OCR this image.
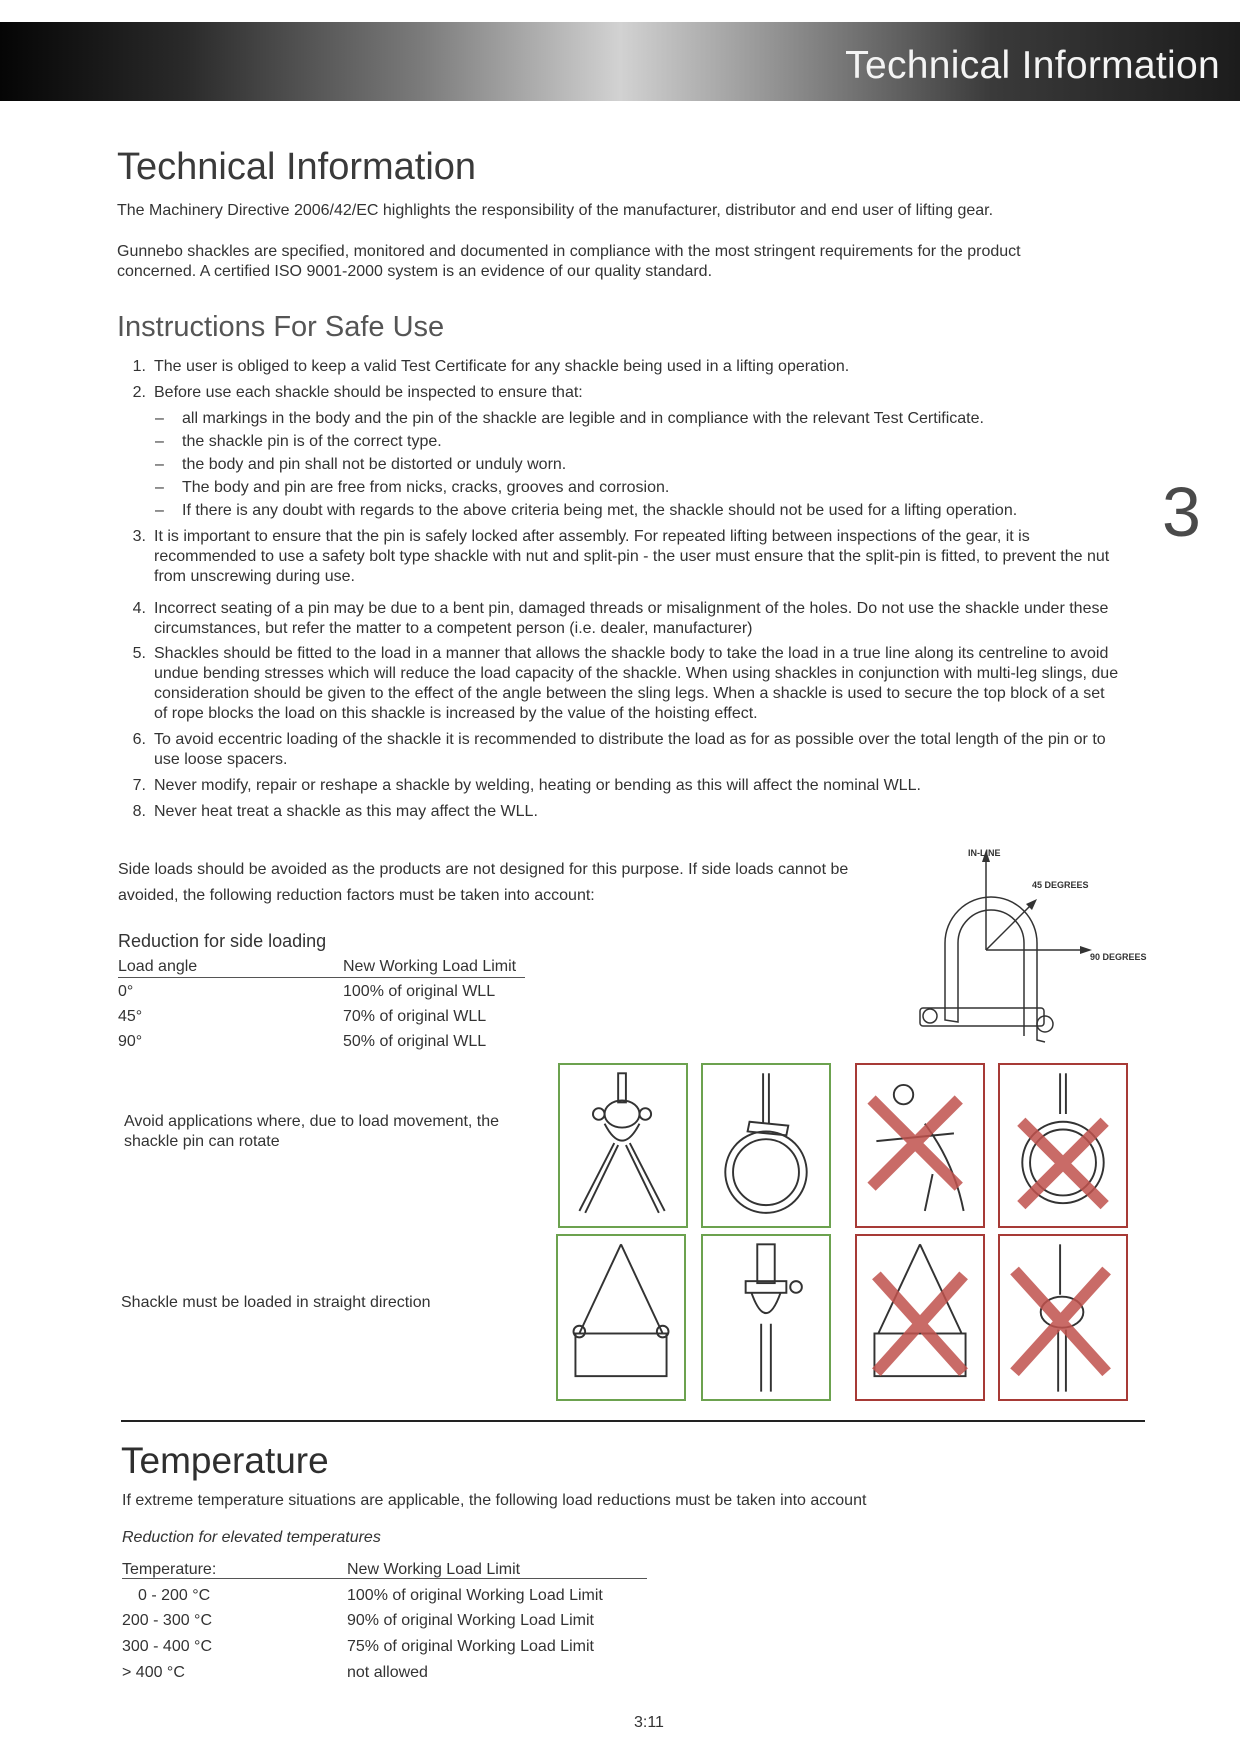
Technical Information
3
Technical Information
The Machinery Directive 2006/42/EC highlights the responsibility of the manufacturer, distributor and end user of lifting gear.
Gunnebo shackles are specified, monitored and documented in compliance with the most stringent requirements for the product concerned. A certified ISO 9001-2000 system is an evidence of our quality standard.
Instructions For Safe Use
1. The user is obliged to keep a valid Test Certificate for any shackle being used in a lifting operation.
2. Before use each shackle should be inspected to ensure that:
– all markings in the body and the pin of the shackle are legible and in compliance with the relevant Test Certificate.
– the shackle pin is of the correct type.
– the body and pin shall not be distorted or unduly worn.
– The body and pin are free from nicks, cracks, grooves and corrosion.
– If there is any doubt with regards to the above criteria being met, the shackle should not be used for a lifting operation.
3. It is important to ensure that the pin is safely locked after assembly. For repeated lifting between inspections of the gear, it is recommended to use a safety bolt type shackle with nut and split-pin - the user must ensure that the split-pin is fitted, to prevent the nut from unscrewing during use.
4. Incorrect seating of a pin may be due to a bent pin, damaged threads or misalignment of the holes. Do not use the shackle under these circumstances, but refer the matter to a competent person (i.e. dealer, manufacturer)
5. Shackles should be fitted to the load in a manner that allows the shackle body to take the load in a true line along its centreline to avoid undue bending stresses which will reduce the load capacity of the shackle. When using shackles in conjunction with multi-leg slings, due consideration should be given to the effect of the angle between the sling legs. When a shackle is used to secure the top block of a set of rope blocks the load on this shackle is increased by the value of the hoisting effect.
6. To avoid eccentric loading of the shackle it is recommended to distribute the load as for as possible over the total length of the pin or to use loose spacers.
7. Never modify, repair or reshape a shackle by welding, heating or bending as this will affect the nominal WLL.
8. Never heat treat a shackle as this may affect the WLL.
Side loads should be avoided as the products are not designed for this purpose. If side loads cannot be avoided, the following reduction factors must be taken into account:
Reduction for side loading
Load angle	New Working Load Limit
0°	100% of original WLL
45°	70% of original WLL
90°	50% of original WLL
IN-LINE
45 DEGREES
90 DEGREES
Avoid applications where, due to load movement, the shackle pin can rotate
Shackle must be loaded in straight direction
Temperature
If extreme temperature situations are applicable, the following load reductions must be taken into account
Reduction for elevated temperatures
Temperature:	New Working Load Limit
0 - 200 °C	100% of original Working Load Limit
200 - 300 °C	90% of original Working Load Limit
300 - 400 °C	75% of original Working Load Limit
> 400 °C	not allowed
3:11
